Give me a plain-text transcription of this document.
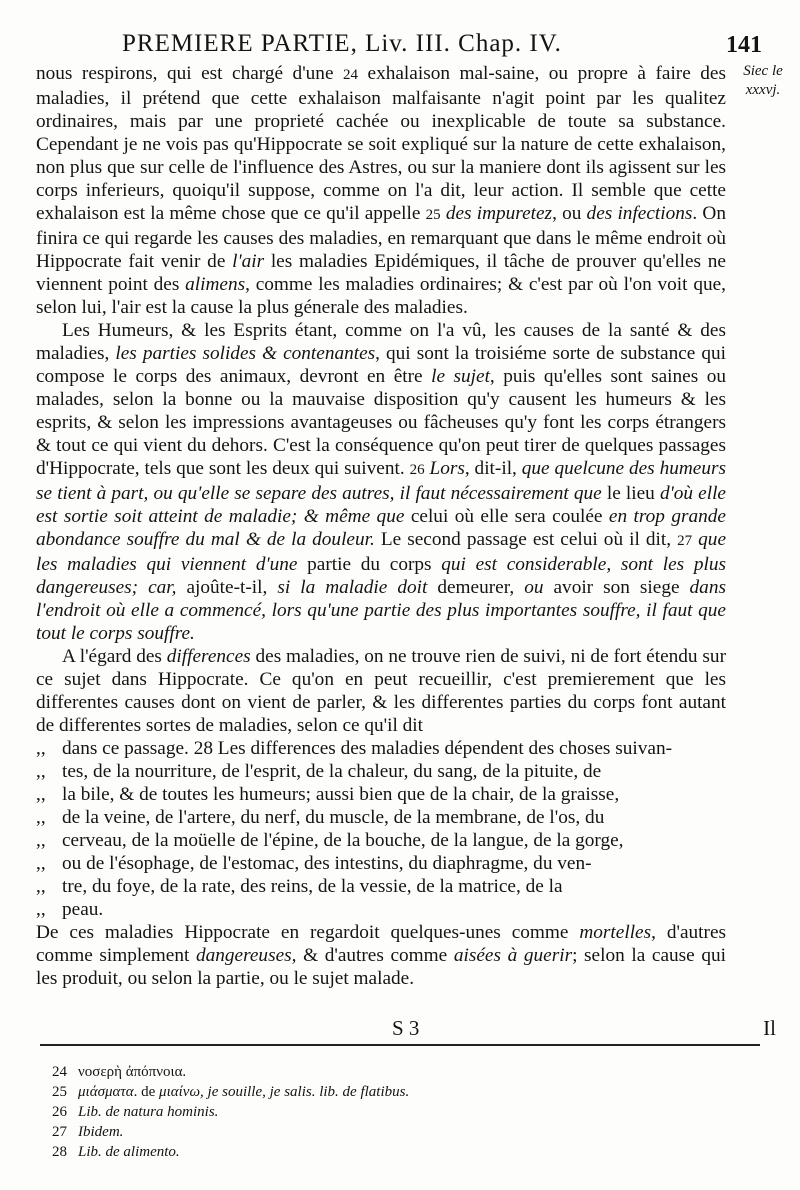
PREMIERE PARTIE, Liv. III. Chap. IV.	141
Siec le xxxvj.

nous respirons, qui est chargé d'une 24 exhalaison mal-saine, ou propre à faire des maladies, il prétend que cette exhalaison malfaisante n'agit point par les qualitez ordinaires, mais par une proprieté cachée ou inexplicable de toute sa substance. Cependant je ne vois pas qu'Hippocrate se soit expliqué sur la nature de cette exhalaison, non plus que sur celle de l'influence des Astres, ou sur la maniere dont ils agissent sur les corps inferieurs, quoiqu'il suppose, comme on l'a dit, leur action. Il semble que cette exhalaison est la même chose que ce qu'il appelle 25 des impuretez, ou des infections. On finira ce qui regarde les causes des maladies, en remarquant que dans le même endroit où Hippocrate fait venir de l'air les maladies Epidémiques, il tâche de prouver qu'elles ne viennent point des alimens, comme les maladies ordinaires; & c'est par où l'on voit que, selon lui, l'air est la cause la plus génerale des maladies.

Les Humeurs, & les Esprits étant, comme on l'a vû, les causes de la santé & des maladies, les parties solides & contenantes, qui sont la troisiéme sorte de substance qui compose le corps des animaux, devront en être le sujet, puis qu'elles sont saines ou malades, selon la bonne ou la mauvaise disposition qu'y causent les humeurs & les esprits, & selon les impressions avantageuses ou fâcheuses qu'y font les corps étrangers & tout ce qui vient du dehors. C'est la conséquence qu'on peut tirer de quelques passages d'Hippocrate, tels que sont les deux qui suivent. 26 Lors, dit-il, que quelcune des humeurs se tient à part, ou qu'elle se separe des autres, il faut nécessairement que le lieu d'où elle est sortie soit atteint de maladie; & même que celui où elle sera coulée en trop grande abondance souffre du mal & de la douleur. Le second passage est celui où il dit, 27 que les maladies qui viennent d'une partie du corps qui est considerable, sont les plus dangereuses; car, ajoûte-t-il, si la maladie doit demeurer, ou avoir son siege dans l'endroit où elle a commencé, lors qu'une partie des plus importantes souffre, il faut que tout le corps souffre.

A l'égard des differences des maladies, on ne trouve rien de suivi, ni de fort étendu sur ce sujet dans Hippocrate. Ce qu'on en peut recueillir, c'est premierement que les differentes causes dont on vient de parler, & les differentes parties du corps font autant de differentes sortes de maladies, selon ce qu'il dit

,, dans ce passage. 28 Les differences des maladies dépendent des choses suivan-
,, tes, de la nourriture, de l'esprit, de la chaleur, du sang, de la pituite, de
,, la bile, & de toutes les humeurs; aussi bien que de la chair, de la graisse,
,, de la veine, de l'artere, du nerf, du muscle, de la membrane, de l'os, du
,, cerveau, de la moüelle de l'épine, de la bouche, de la langue, de la gorge,
,, ou de l'ésophage, de l'estomac, des intestins, du diaphragme, du ven-
,, tre, du foye, de la rate, des reins, de la vessie, de la matrice, de la
,, peau.

De ces maladies Hippocrate en regardoit quelques-unes comme mortelles, d'autres comme simplement dangereuses, & d'autres comme aisées à guerir; selon la cause qui les produit, ou selon la partie, ou le sujet malade.

S 3	Il
24 νοσερὴ ἀπόπνοια.
25 μιάσματα. de μιαίνω, je souille, je salis. lib. de flatibus.
26 Lib. de natura hominis.
27 Ibidem.
28 Lib. de alimento.
